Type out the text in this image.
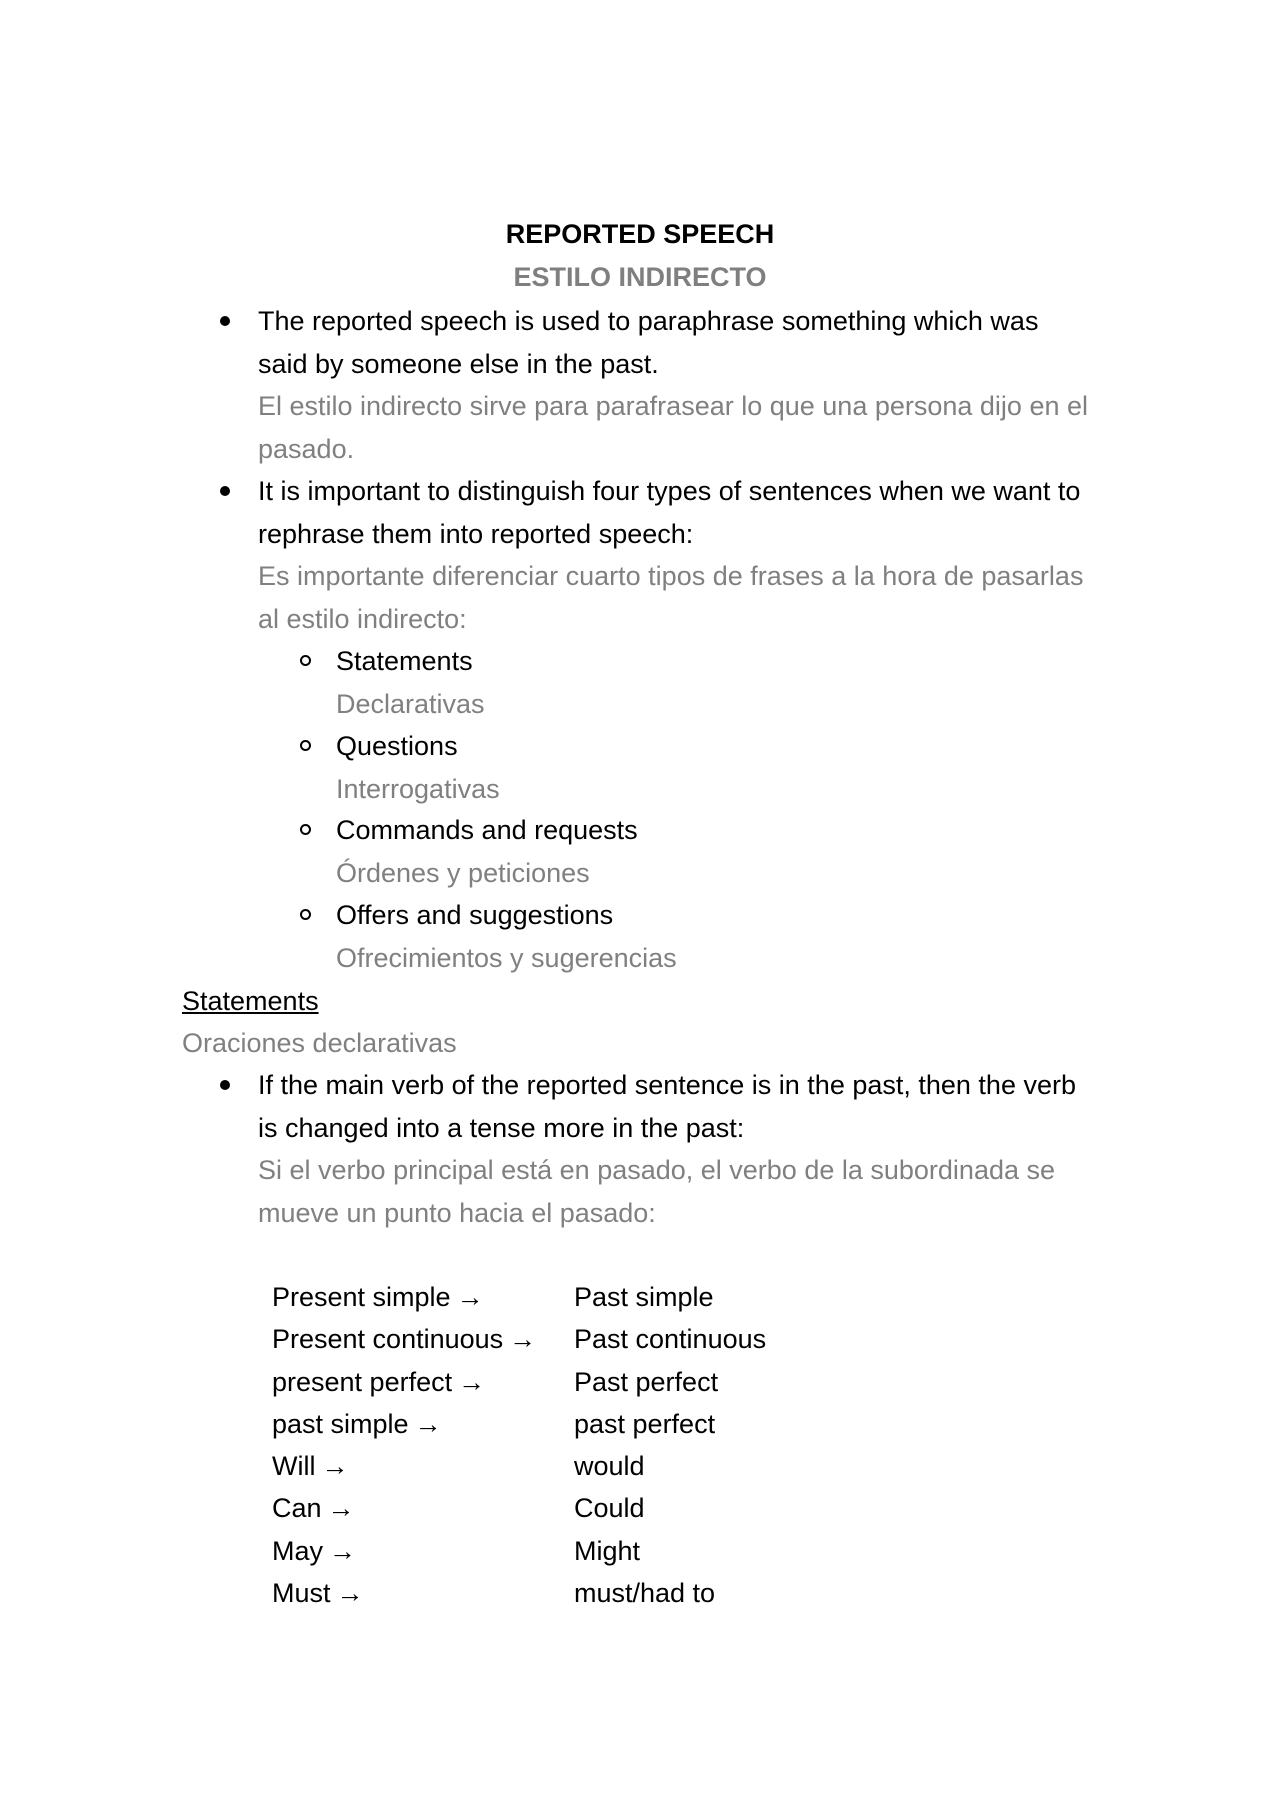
REPORTED SPEECH
ESTILO INDIRECTO
The reported speech is used to paraphrase something which was said by someone else in the past.
El estilo indirecto sirve para parafrasear lo que una persona dijo en el pasado.
It is important to distinguish four types of sentences when we want to rephrase them into reported speech:
Es importante diferenciar cuarto tipos de frases a la hora de pasarlas al estilo indirecto:
Statements
Declarativas
Questions
Interrogativas
Commands and requests
Órdenes y peticiones
Offers and suggestions
Ofrecimientos y sugerencias
Statements
Oraciones declarativas
If the main verb of the reported sentence is in the past, then the verb is changed into a tense more in the past:
Si el verbo principal está en pasado, el verbo de la subordinada se mueve un punto hacia el pasado:
Present simple →	Past simple
Present continuous →	Past continuous
present perfect →	Past perfect
past simple →	past perfect
Will →	would
Can →	Could
May →	Might
Must →	must/had to
